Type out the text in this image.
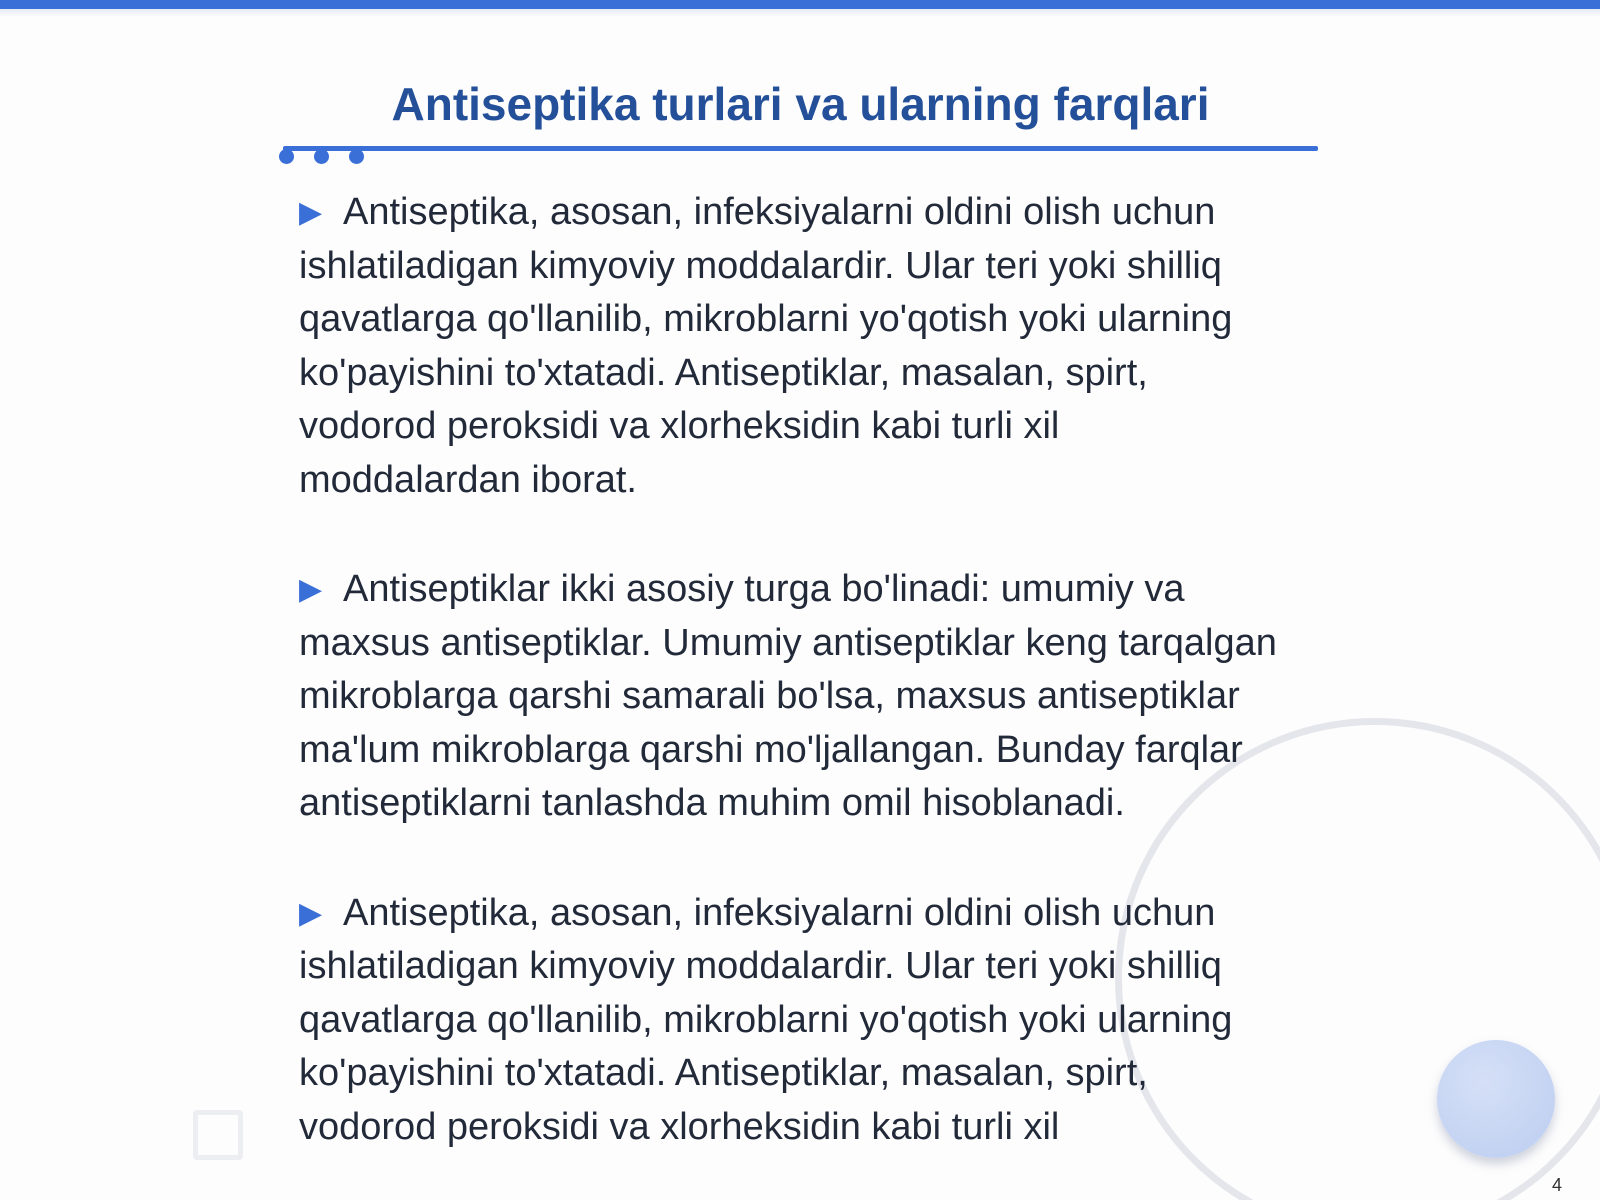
Antiseptika turlari va ularning farqlari

▶ Antiseptika, asosan, infeksiyalarni oldini olish uchun ishlatiladigan kimyoviy moddalardir. Ular teri yoki shilliq qavatlarga qo'llanilib, mikroblarni yo'qotish yoki ularning ko'payishini to'xtatadi. Antiseptiklar, masalan, spirt, vodorod peroksidi va xlorheksidin kabi turli xil moddalardan iborat.

▶ Antiseptiklar ikki asosiy turga bo'linadi: umumiy va maxsus antiseptiklar. Umumiy antiseptiklar keng tarqalgan mikroblarga qarshi samarali bo'lsa, maxsus antiseptiklar ma'lum mikroblarga qarshi mo'ljallangan. Bunday farqlar antiseptiklarni tanlashda muhim omil hisoblanadi.

▶ Antiseptika, asosan, infeksiyalarni oldini olish uchun ishlatiladigan kimyoviy moddalardir. Ular teri yoki shilliq qavatlarga qo'llanilib, mikroblarni yo'qotish yoki ularning ko'payishini to'xtatadi. Antiseptiklar, masalan, spirt, vodorod peroksidi va xlorheksidin kabi turli xil

4
